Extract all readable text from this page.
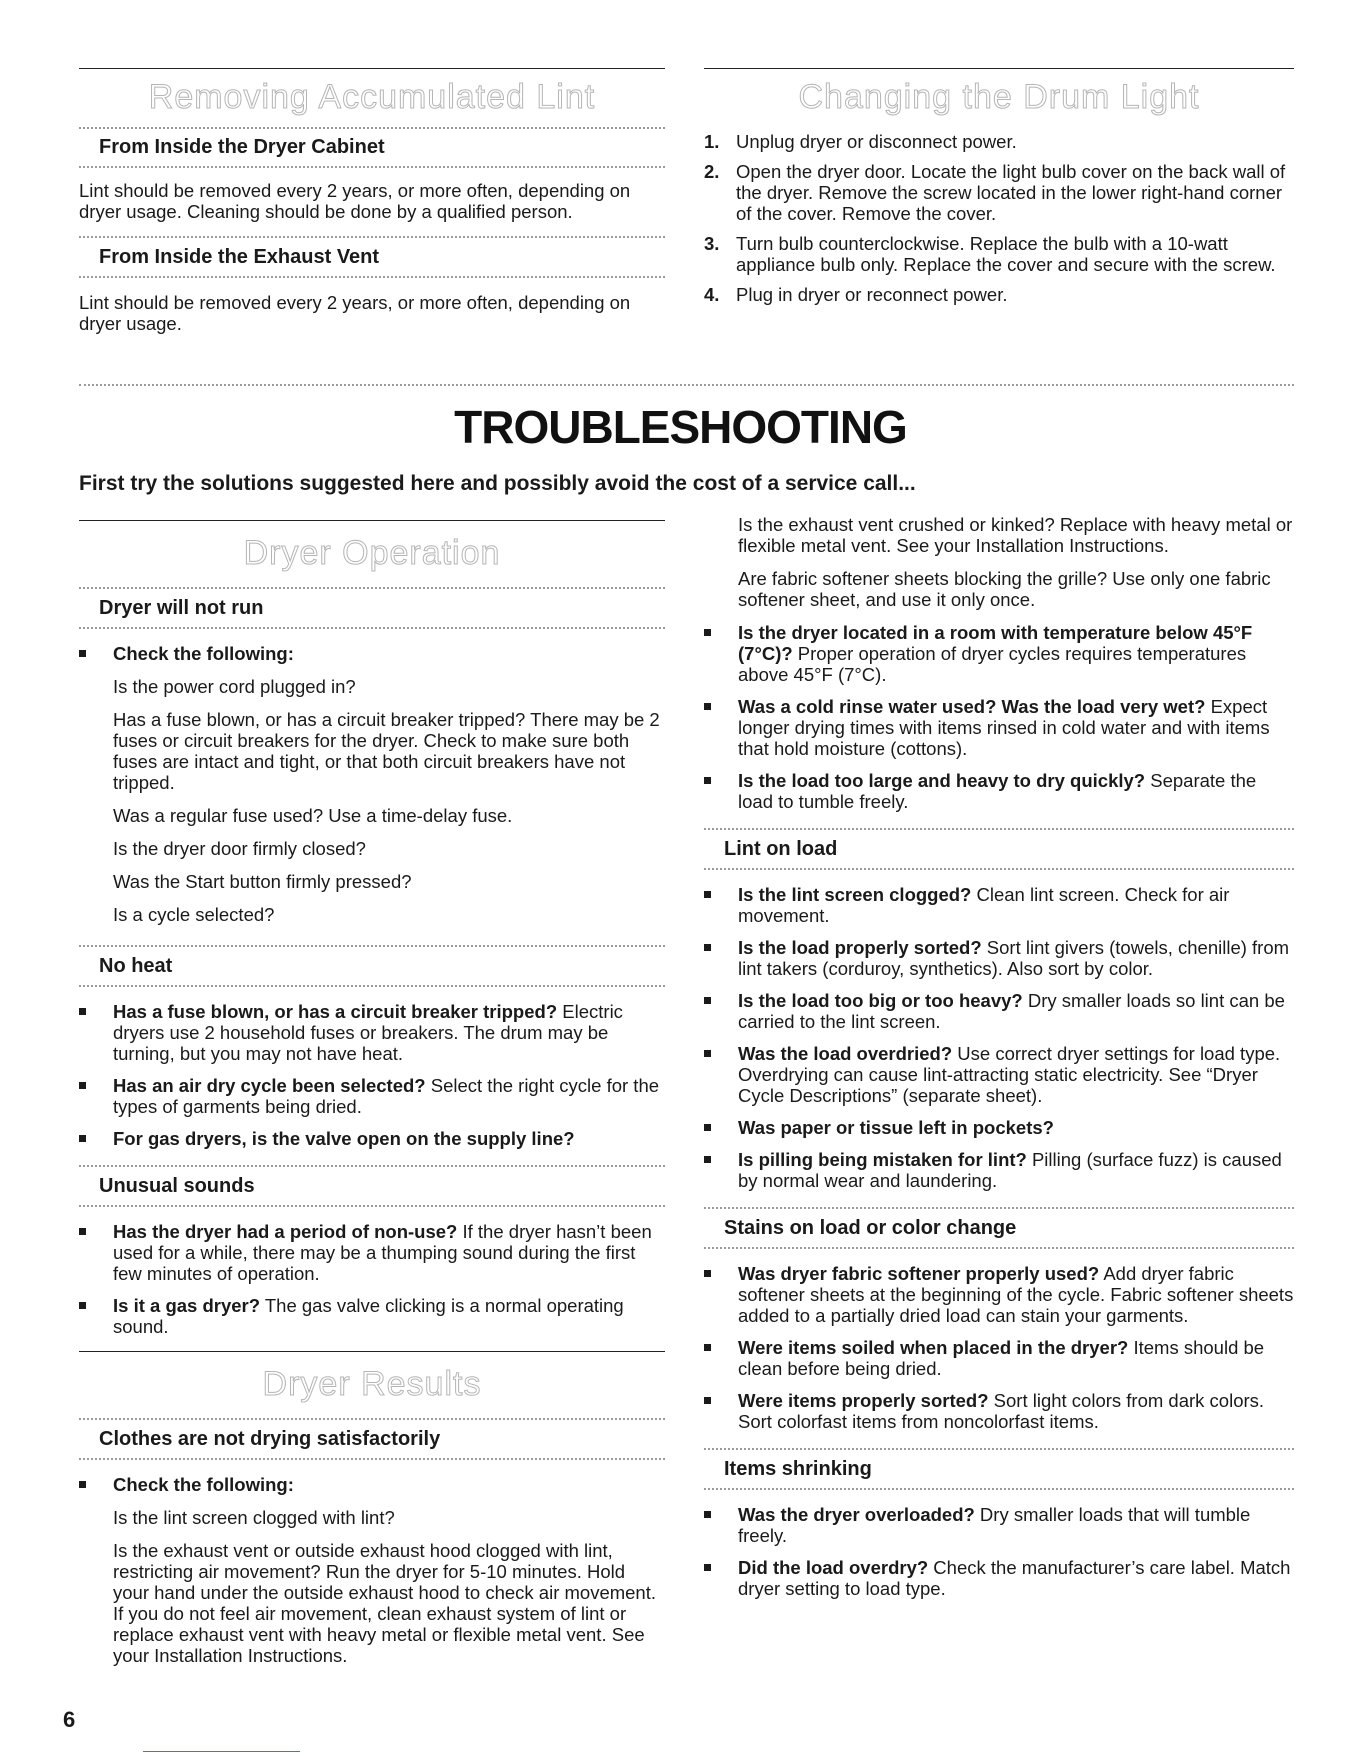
Removing Accumulated Lint
From Inside the Dryer Cabinet

Lint should be removed every 2 years, or more often, depending on dryer usage. Cleaning should be done by a qualified person.

From Inside the Exhaust Vent

Lint should be removed every 2 years, or more often, depending on dryer usage.

Changing the Drum Light
1. Unplug dryer or disconnect power.
2. Open the dryer door. Locate the light bulb cover on the back wall of the dryer. Remove the screw located in the lower right-hand corner of the cover. Remove the cover.
3. Turn bulb counterclockwise. Replace the bulb with a 10-watt appliance bulb only. Replace the cover and secure with the screw.
4. Plug in dryer or reconnect power.
TROUBLESHOOTING
First try the solutions suggested here and possibly avoid the cost of a service call...
Dryer Operation
Dryer will not run
Check the following:
Is the power cord plugged in?
Has a fuse blown, or has a circuit breaker tripped? There may be 2 fuses or circuit breakers for the dryer. Check to make sure both fuses are intact and tight, or that both circuit breakers have not tripped.
Was a regular fuse used? Use a time-delay fuse.
Is the dryer door firmly closed?
Was the Start button firmly pressed?
Is a cycle selected?
No heat
Has a fuse blown, or has a circuit breaker tripped? Electric dryers use 2 household fuses or breakers. The drum may be turning, but you may not have heat.
Has an air dry cycle been selected? Select the right cycle for the types of garments being dried.
For gas dryers, is the valve open on the supply line?
Unusual sounds
Has the dryer had a period of non-use? If the dryer hasn’t been used for a while, there may be a thumping sound during the first few minutes of operation.
Is it a gas dryer? The gas valve clicking is a normal operating sound.
Dryer Results
Clothes are not drying satisfactorily
Check the following:
Is the lint screen clogged with lint?
Is the exhaust vent or outside exhaust hood clogged with lint, restricting air movement? Run the dryer for 5-10 minutes. Hold your hand under the outside exhaust hood to check air movement. If you do not feel air movement, clean exhaust system of lint or replace exhaust vent with heavy metal or flexible metal vent. See your Installation Instructions.
Is the exhaust vent crushed or kinked? Replace with heavy metal or flexible metal vent. See your Installation Instructions.
Are fabric softener sheets blocking the grille? Use only one fabric softener sheet, and use it only once.
Is the dryer located in a room with temperature below 45°F (7°C)? Proper operation of dryer cycles requires temperatures above 45°F (7°C).
Was a cold rinse water used? Was the load very wet? Expect longer drying times with items rinsed in cold water and with items that hold moisture (cottons).
Is the load too large and heavy to dry quickly? Separate the load to tumble freely.
Lint on load
Is the lint screen clogged? Clean lint screen. Check for air movement.
Is the load properly sorted? Sort lint givers (towels, chenille) from lint takers (corduroy, synthetics). Also sort by color.
Is the load too big or too heavy? Dry smaller loads so lint can be carried to the lint screen.
Was the load overdried? Use correct dryer settings for load type. Overdrying can cause lint-attracting static electricity. See “Dryer Cycle Descriptions” (separate sheet).
Was paper or tissue left in pockets?
Is pilling being mistaken for lint? Pilling (surface fuzz) is caused by normal wear and laundering.
Stains on load or color change
Was dryer fabric softener properly used? Add dryer fabric softener sheets at the beginning of the cycle. Fabric softener sheets added to a partially dried load can stain your garments.
Were items soiled when placed in the dryer? Items should be clean before being dried.
Were items properly sorted? Sort light colors from dark colors. Sort colorfast items from noncolorfast items.
Items shrinking
Was the dryer overloaded? Dry smaller loads that will tumble freely.
Did the load overdry? Check the manufacturer’s care label. Match dryer setting to load type.
6
